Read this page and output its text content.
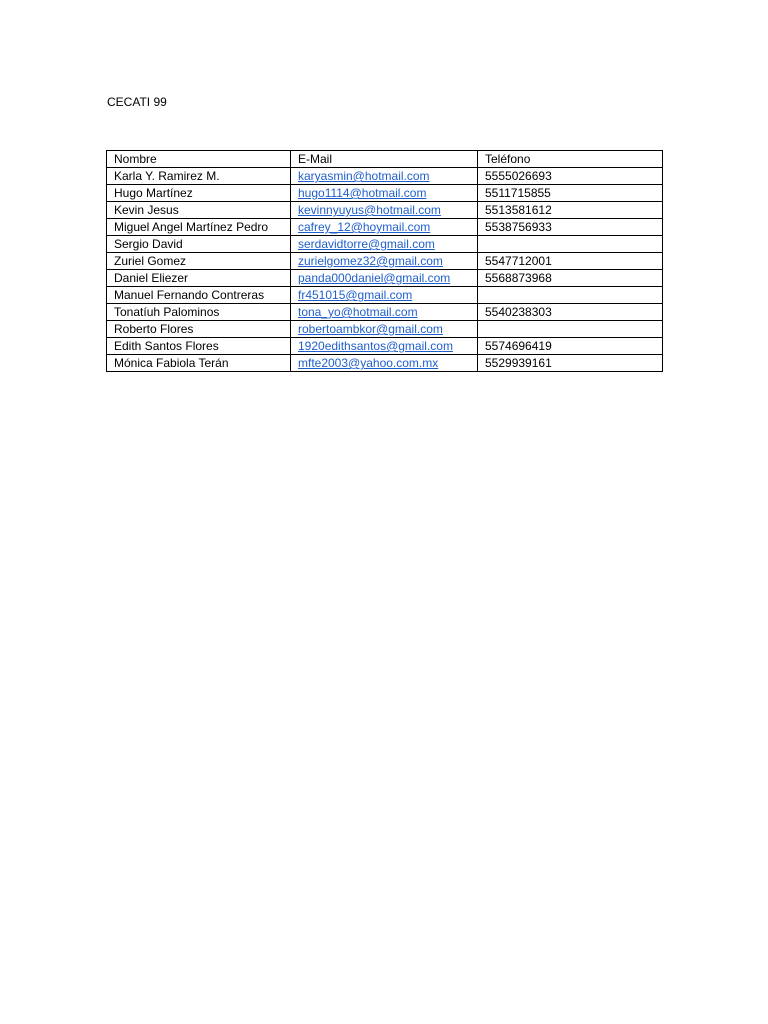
CECATI 99
Nombre	E-Mail	Teléfono
Karla Y. Ramirez M.	karyasmin@hotmail.com	5555026693
Hugo Martínez	hugo1114@hotmail.com	5511715855
Kevin Jesus	kevinnyuyus@hotmail.com	5513581612
Miguel Angel Martínez Pedro	cafrey_12@hoymail.com	5538756933
Sergio David	serdavidtorre@gmail.com	
Zuriel Gomez	zurielgomez32@gmail.com	5547712001
Daniel Eliezer	panda000daniel@gmail.com	5568873968
Manuel Fernando Contreras	fr451015@gmail.com	
Tonatíuh Palominos	tona_yo@hotmail.com	5540238303
Roberto Flores	robertoambkor@gmail.com	
Edith Santos Flores	1920edithsantos@gmail.com	5574696419
Mónica Fabiola Terán	mfte2003@yahoo.com.mx	5529939161
